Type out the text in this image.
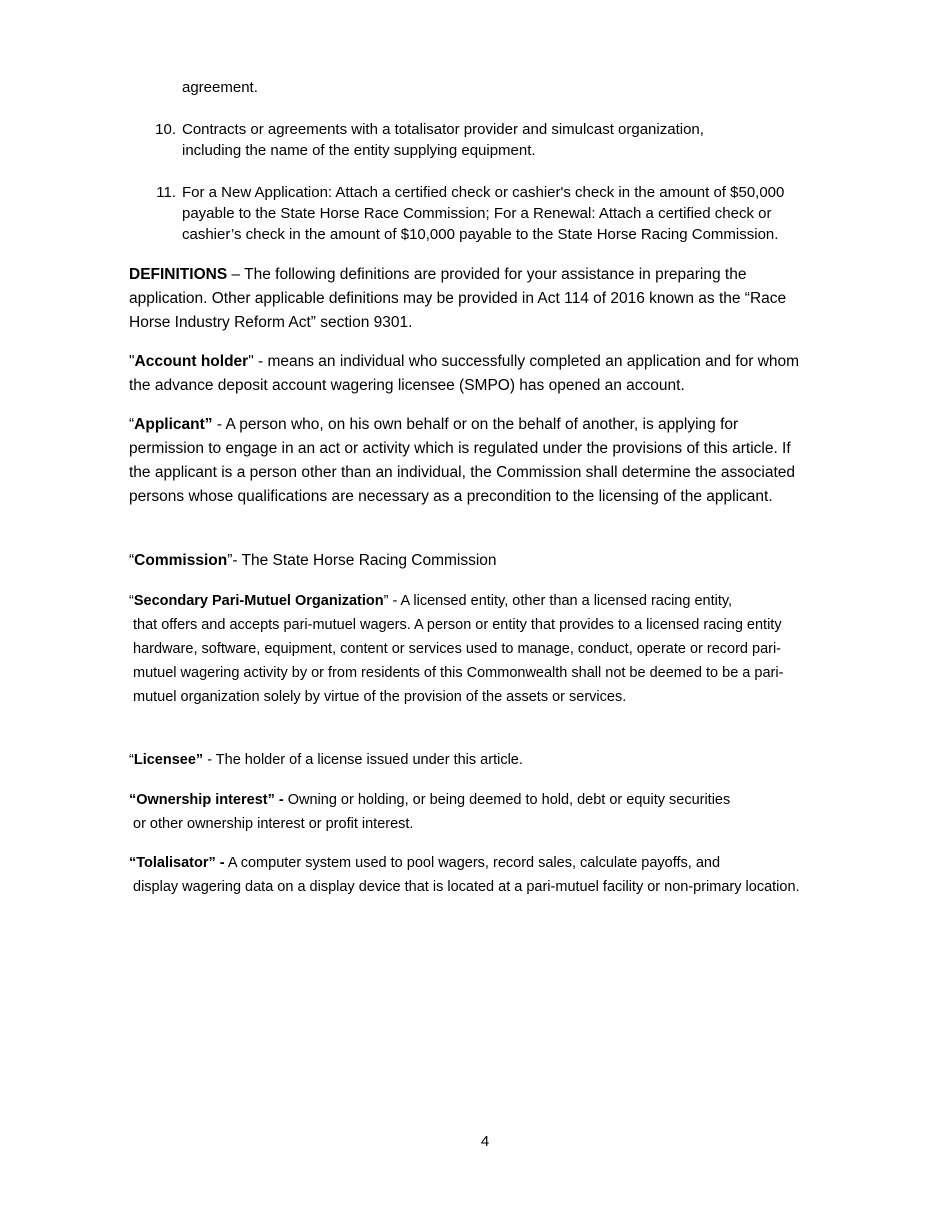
agreement.

10. Contracts or agreements with a totalisator provider and simulcast organization,
including the name of the entity supplying equipment.
11. For a New Application: Attach a certified check or cashier's check in the amount of $50,000
payable to the State Horse Race Commission; For a Renewal: Attach a certified check or
cashier’s check in the amount of $10,000 payable to the State Horse Racing Commission.

DEFINITIONS – The following definitions are provided for your assistance in preparing the application. Other applicable definitions may be provided in Act 114 of 2016 known as the “Race Horse Industry Reform Act” section 9301.

"Account holder" - means an individual who successfully completed an application and for whom the advance deposit account wagering licensee (SMPO) has opened an account.

“Applicant” - A person who, on his own behalf or on the behalf of another, is applying for permission to engage in an act or activity which is regulated under the provisions of this article. If the applicant is a person other than an individual, the Commission shall determine the associated persons whose qualifications are necessary as a precondition to the licensing of the applicant.

“Commission”- The State Horse Racing Commission

“Secondary Pari-Mutuel Organization” - A licensed entity, other than a licensed racing entity,
that offers and accepts pari-mutuel wagers. A person or entity that provides to a licensed racing entity hardware, software, equipment, content or services used to manage, conduct, operate or record pari-mutuel wagering activity by or from residents of this Commonwealth shall not be deemed to be a pari-mutuel organization solely by virtue of the provision of the assets or services.

“Licensee” - The holder of a license issued under this article.

“Ownership interest” - Owning or holding, or being deemed to hold, debt or equity securities
or other ownership interest or profit interest.
“Tolalisator” - A computer system used to pool wagers, record sales, calculate payoffs, and
display wagering data on a display device that is located at a pari-mutuel facility or non-primary location.
4
